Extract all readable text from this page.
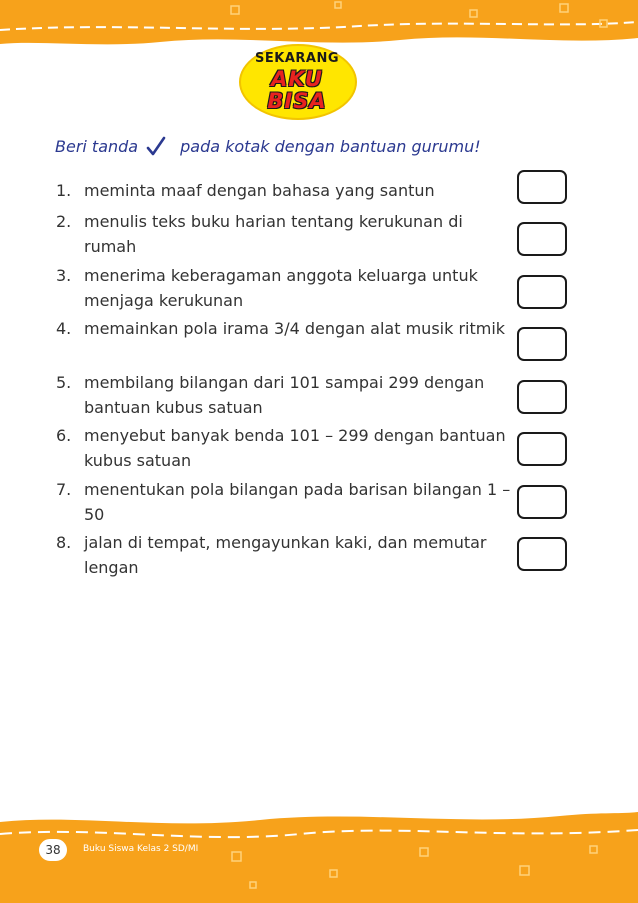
SEKARANG
AKU
BISA
Beri tanda	pada kotak dengan bantuan gurumu!
1. meminta maaf dengan bahasa yang santun
2. menulis teks buku harian tentang kerukunan di rumah
3. menerima keberagaman anggota keluarga untuk menjaga kerukunan
4. memainkan pola irama 3/4 dengan alat musik ritmik
5. membilang bilangan dari 101 sampai 299 dengan bantuan kubus satuan
6. menyebut banyak benda 101 – 299 dengan bantuan kubus satuan
7. menentukan pola bilangan pada barisan bilangan 1 – 50
8. jalan di tempat, mengayunkan kaki, dan memutar lengan
38	Buku Siswa Kelas 2 SD/MI
